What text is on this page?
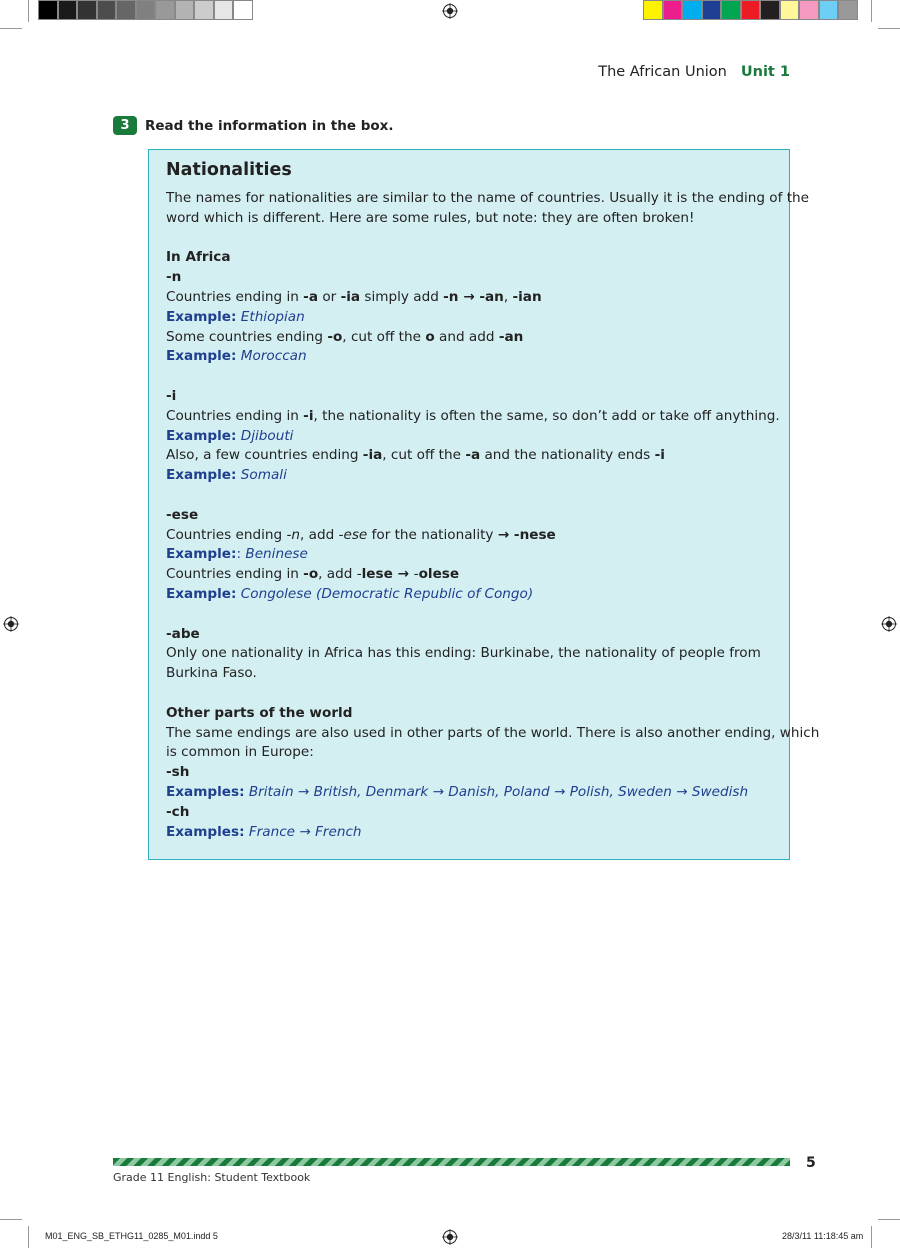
The African Union Unit 1
3	Read the information in the box.
Nationalities
The names for nationalities are similar to the name of countries. Usually it is the ending of the
word which is different. Here are some rules, but note: they are often broken!
In Africa
-n
Countries ending in -a or -ia simply add -n → -an, -ian
Example: Ethiopian
Some countries ending -o, cut off the o and add -an
Example: Moroccan
-i
Countries ending in -i, the nationality is often the same, so don’t add or take off anything.
Example: Djibouti
Also, a few countries ending -ia, cut off the -a and the nationality ends -i
Example: Somali
-ese
Countries ending -n, add -ese for the nationality → -nese
Example:: Beninese
Countries ending in -o, add -lese → -olese
Example: Congolese (Democratic Republic of Congo)
-abe
Only one nationality in Africa has this ending: Burkinabe, the nationality of people from
Burkina Faso.
Other parts of the world
The same endings are also used in other parts of the world. There is also another ending, which
is common in Europe:
-sh
Examples: Britain → British, Denmark → Danish, Poland → Polish, Sweden → Swedish
-ch
Examples: France → French
5
Grade 11 English: Student Textbook
M01_ENG_SB_ETHG11_0285_M01.indd 5	28/3/11 11:18:45 am
